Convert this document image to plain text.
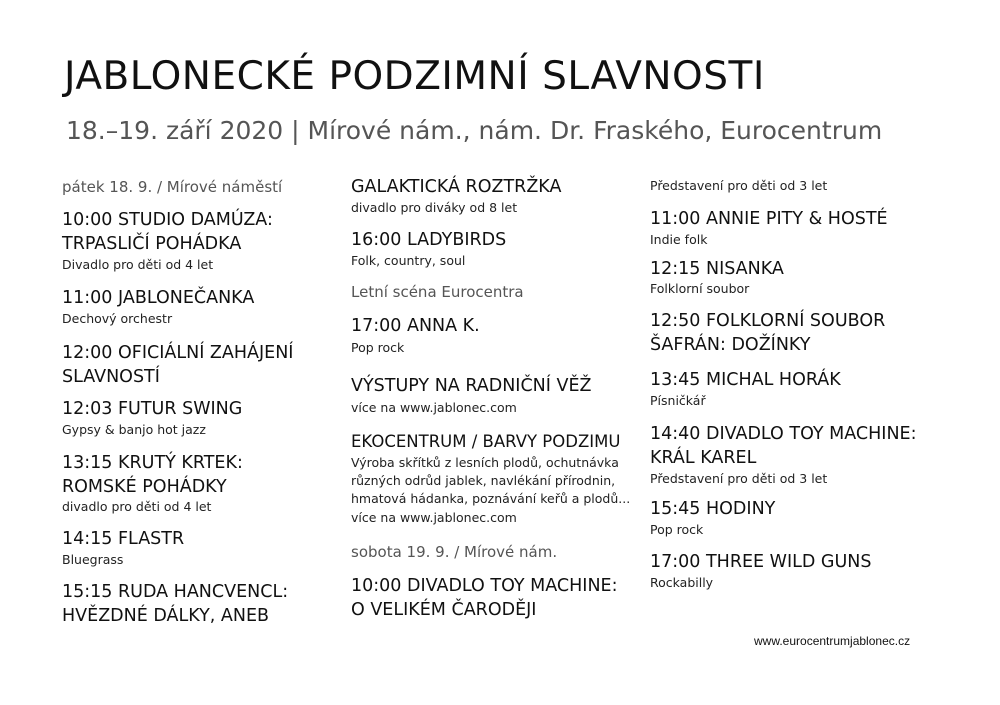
JABLONECKÉ PODZIMNÍ SLAVNOSTI
18.–19. září 2020 | Mírové nám., nám. Dr. Fraského, Eurocentrum
pátek 18. 9. / Mírové náměstí
10:00 STUDIO DAMÚZA:
TRPASLIČÍ POHÁDKA
Divadlo pro děti od 4 let
11:00 JABLONEČANKA
Dechový orchestr
12:00 OFICIÁLNÍ ZAHÁJENÍ
SLAVNOSTÍ
12:03 FUTUR SWING
Gypsy & banjo hot jazz
13:15 KRUTÝ KRTEK:
ROMSKÉ POHÁDKY
divadlo pro děti od 4 let
14:15 FLASTR
Bluegrass
15:15 RUDA HANCVENCL:
HVĚZDNÉ DÁLKY, ANEB
GALAKTICKÁ ROZTRŽKA
divadlo pro diváky od 8 let
16:00 LADYBIRDS
Folk, country, soul
Letní scéna Eurocentra
17:00 ANNA K.
Pop rock
VÝSTUPY NA RADNIČNÍ VĚŽ
více na www.jablonec.com
EKOCENTRUM / BARVY PODZIMU
Výroba skřítků z lesních plodů, ochutnávka
různých odrůd jablek, navlékání přírodnin,
hmatová hádanka, poznávání keřů a plodů...
více na www.jablonec.com
sobota 19. 9. / Mírové nám.
10:00 DIVADLO TOY MACHINE:
O VELIKÉM ČARODĚJI
Představení pro děti od 3 let
11:00 ANNIE PITY & HOSTÉ
Indie folk
12:15 NISANKA
Folklorní soubor
12:50 FOLKLORNÍ SOUBOR
ŠAFRÁN: DOŽÍNKY
13:45 MICHAL HORÁK
Písničkář
14:40 DIVADLO TOY MACHINE:
KRÁL KAREL
Představení pro děti od 3 let
15:45 HODINY
Pop rock
17:00 THREE WILD GUNS
Rockabilly
www.eurocentrumjablonec.cz
